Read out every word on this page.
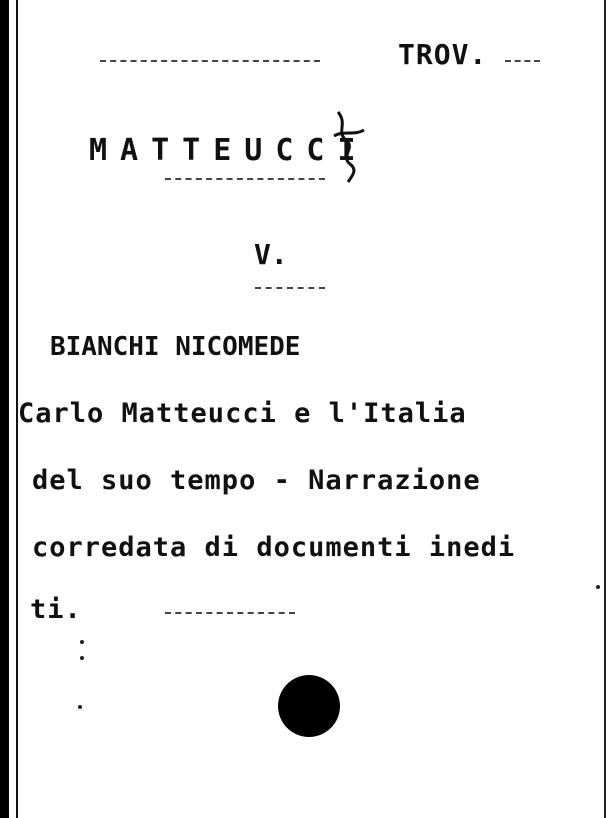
TROV.

MATTEUCCI

V.

BIANCHI NICOMEDE

Carlo Matteucci e l'Italia

del suo tempo - Narrazione

corredata di documenti inedi

ti.
